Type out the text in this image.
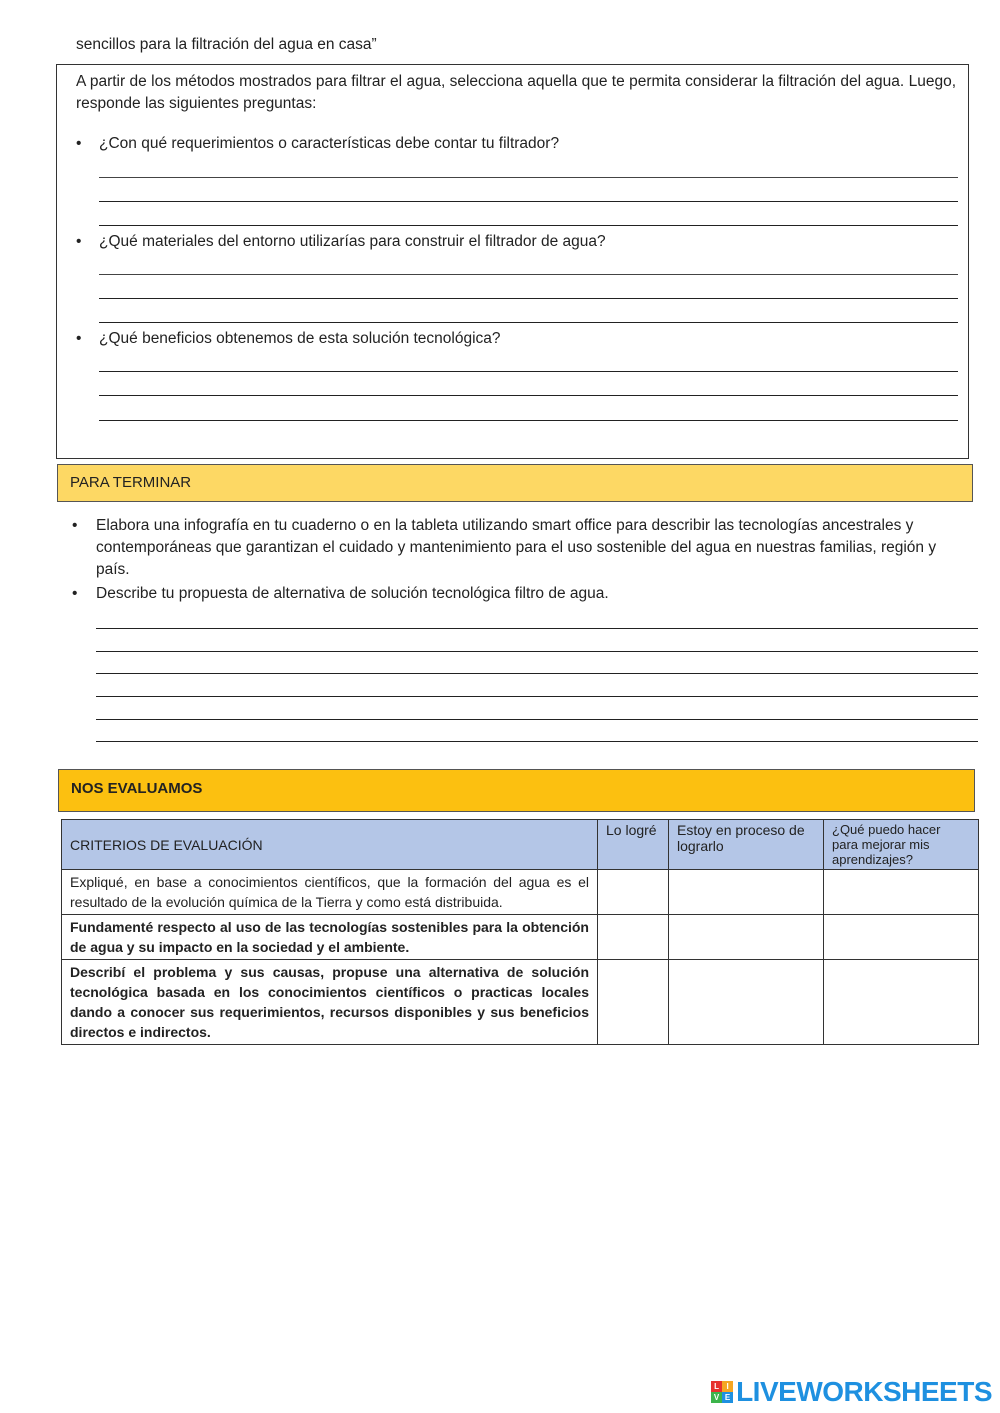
sencillos para la filtración del agua en casa”
A partir de los métodos mostrados para filtrar el agua, selecciona aquella que te permita considerar la filtración del agua. Luego, responde las siguientes preguntas:
• ¿Con qué requerimientos o características debe contar tu filtrador?
• ¿Qué materiales del entorno utilizarías para construir el filtrador de agua?
• ¿Qué beneficios obtenemos de esta solución tecnológica?
PARA TERMINAR
• Elabora una infografía en tu cuaderno o en la tableta utilizando smart office para describir las tecnologías ancestrales y contemporáneas que garantizan el cuidado y mantenimiento para el uso sostenible del agua en nuestras familias, región y país.
• Describe tu propuesta de alternativa de solución tecnológica filtro de agua.
NOS EVALUAMOS
CRITERIOS DE EVALUACIÓN	Lo logré	Estoy en proceso de lograrlo	¿Qué puedo hacer para mejorar mis aprendizajes?
Expliqué, en base a conocimientos científicos, que la formación del agua es el resultado de la evolución química de la Tierra y como está distribuida.			
Fundamenté respecto al uso de las tecnologías sostenibles para la obtención de agua y su impacto en la sociedad y el ambiente.			
Describí el problema y sus causas, propuse una alternativa de solución tecnológica basada en los conocimientos científicos o practicas locales dando a conocer sus requerimientos, recursos disponibles y sus beneficios directos e indirectos.			
L I
V E LIVEWORKSHEETS
